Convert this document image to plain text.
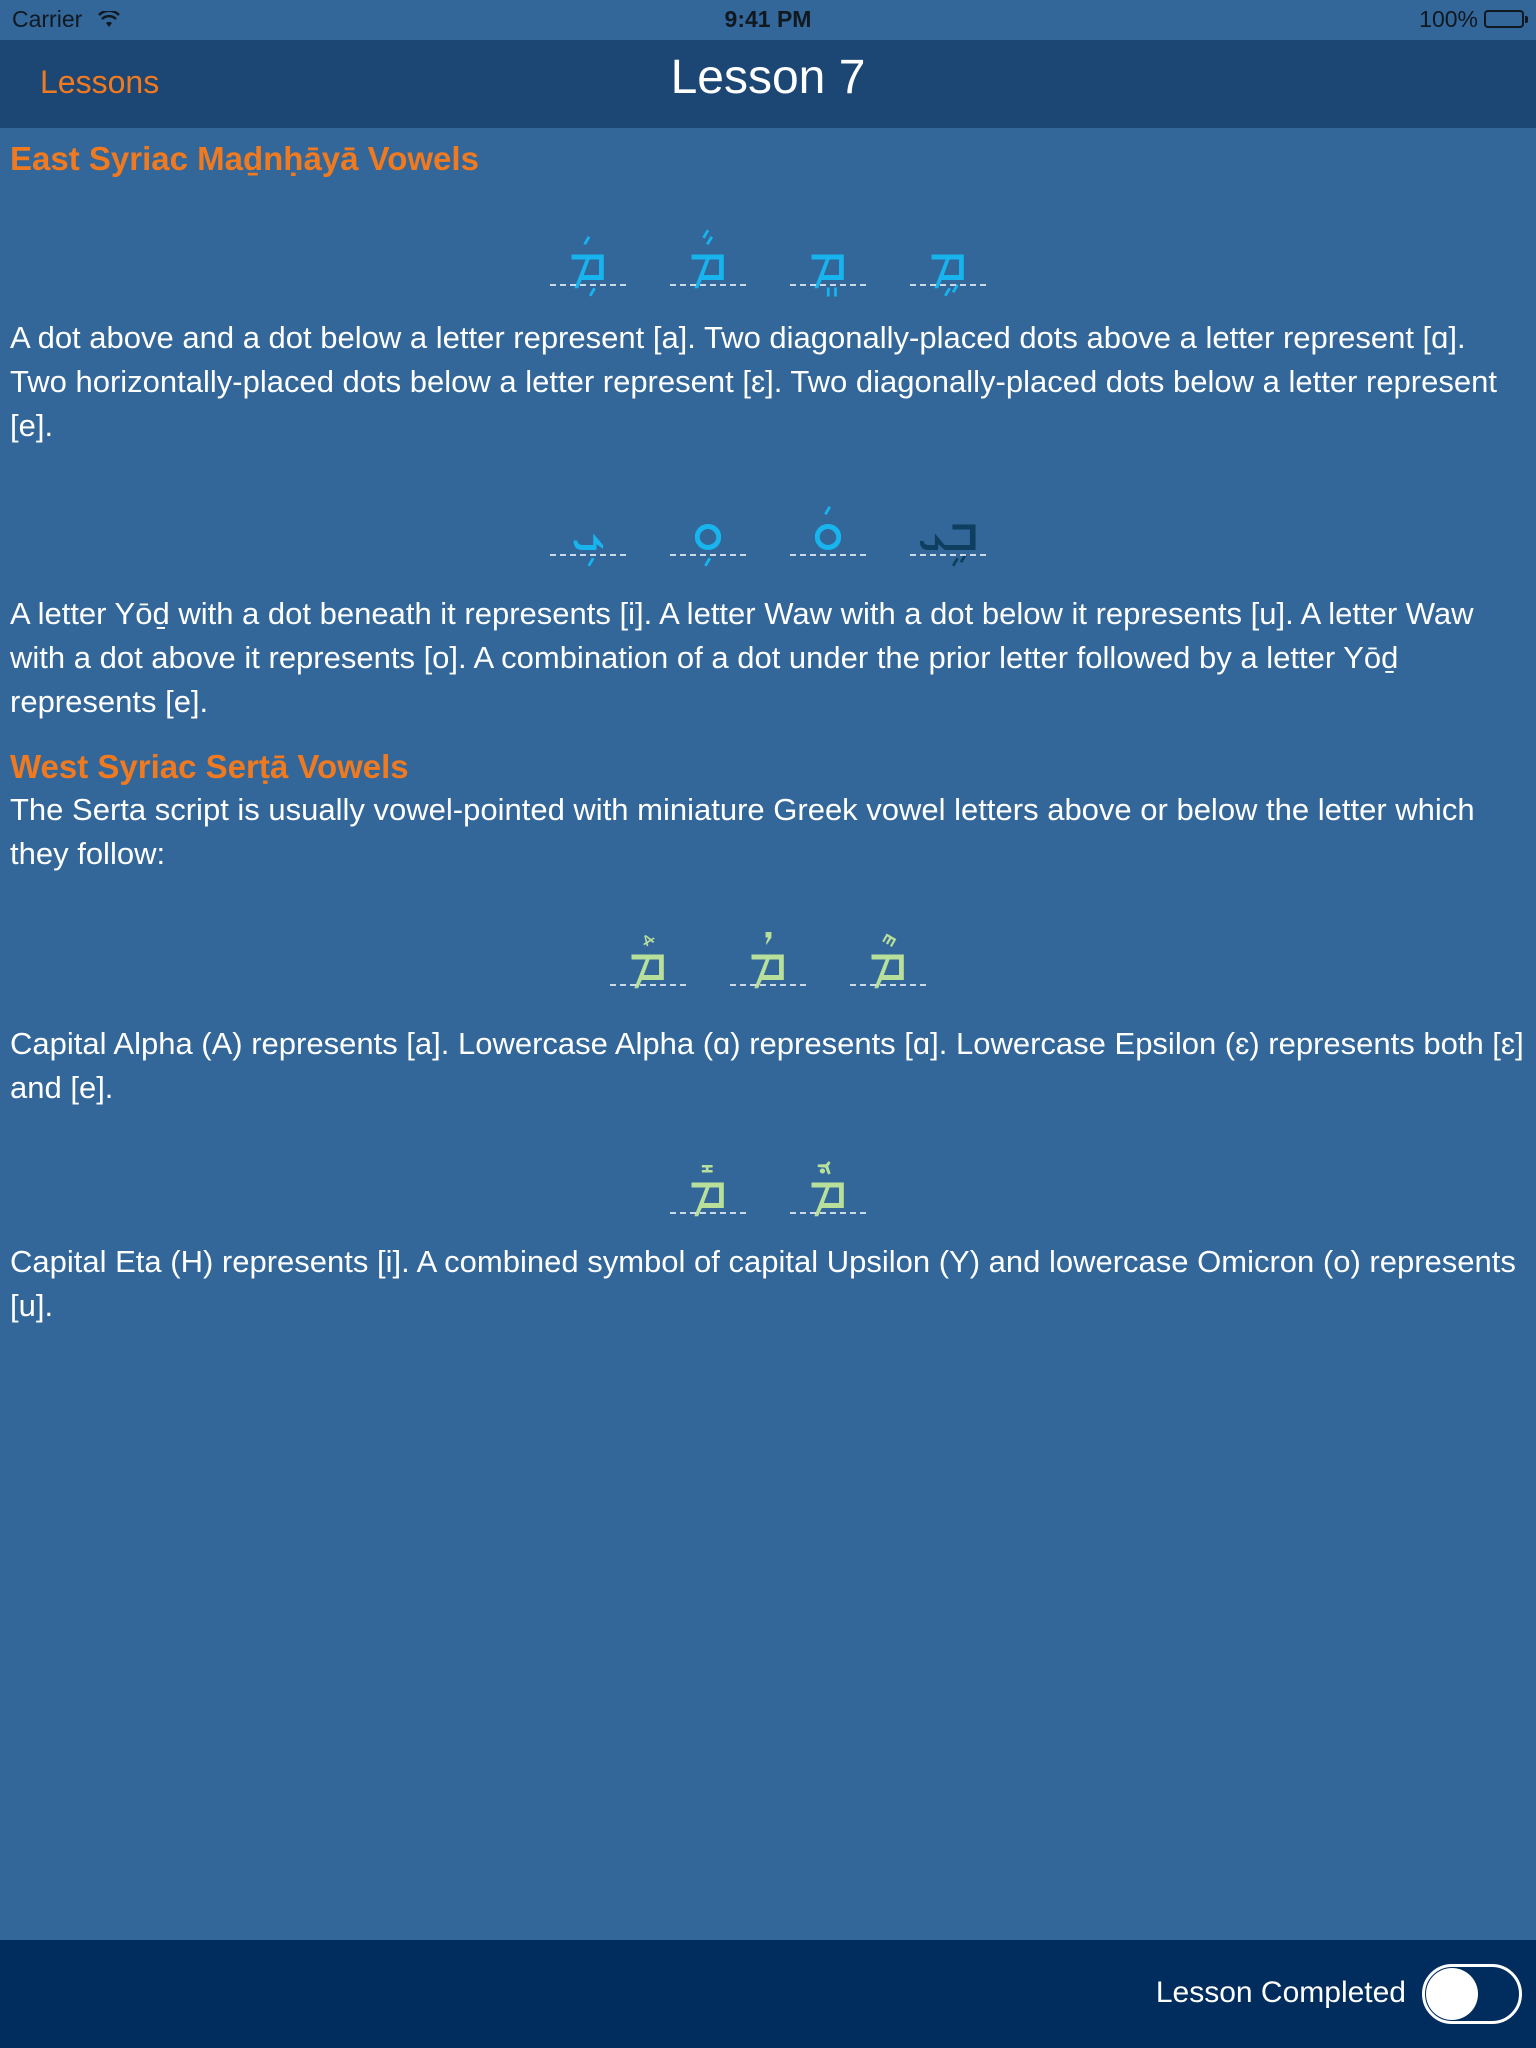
Carrier	9:41 PM	100%
Lessons	Lesson 7
East Syriac Maḏnḥāyā Vowels
ܡܲ	ܡܵ	ܡܸ	ܡܹ

A dot above and a dot below a letter represent [a]. Two diagonally-placed dots above a letter represent [ɑ]. Two horizontally-placed dots below a letter represent [ɛ]. Two diagonally-placed dots below a letter represent [e].

ܝܼ	ܘܼ	ܘܿ	ܒܹܝ

A letter Yōḏ with a dot beneath it represents [i]. A letter Waw with a dot below it represents [u]. A letter Waw with a dot above it represents [o]. A combination of a dot under the prior letter followed by a letter Yōḏ represents [e].

West Syriac Serṭā Vowels

The Serta script is usually vowel-pointed with miniature Greek vowel letters above or below the letter which they follow:

ܡܰ	ܡܳ	ܡܶ

Capital Alpha (A) represents [a]. Lowercase Alpha (ɑ) represents [ɑ]. Lowercase Epsilon (ɛ) represents both [ɛ] and [e].

ܡܺ	ܡܽ

Capital Eta (H) represents [i]. A combined symbol of capital Upsilon (Y) and lowercase Omicron (o) represents [u].

Lesson Completed
